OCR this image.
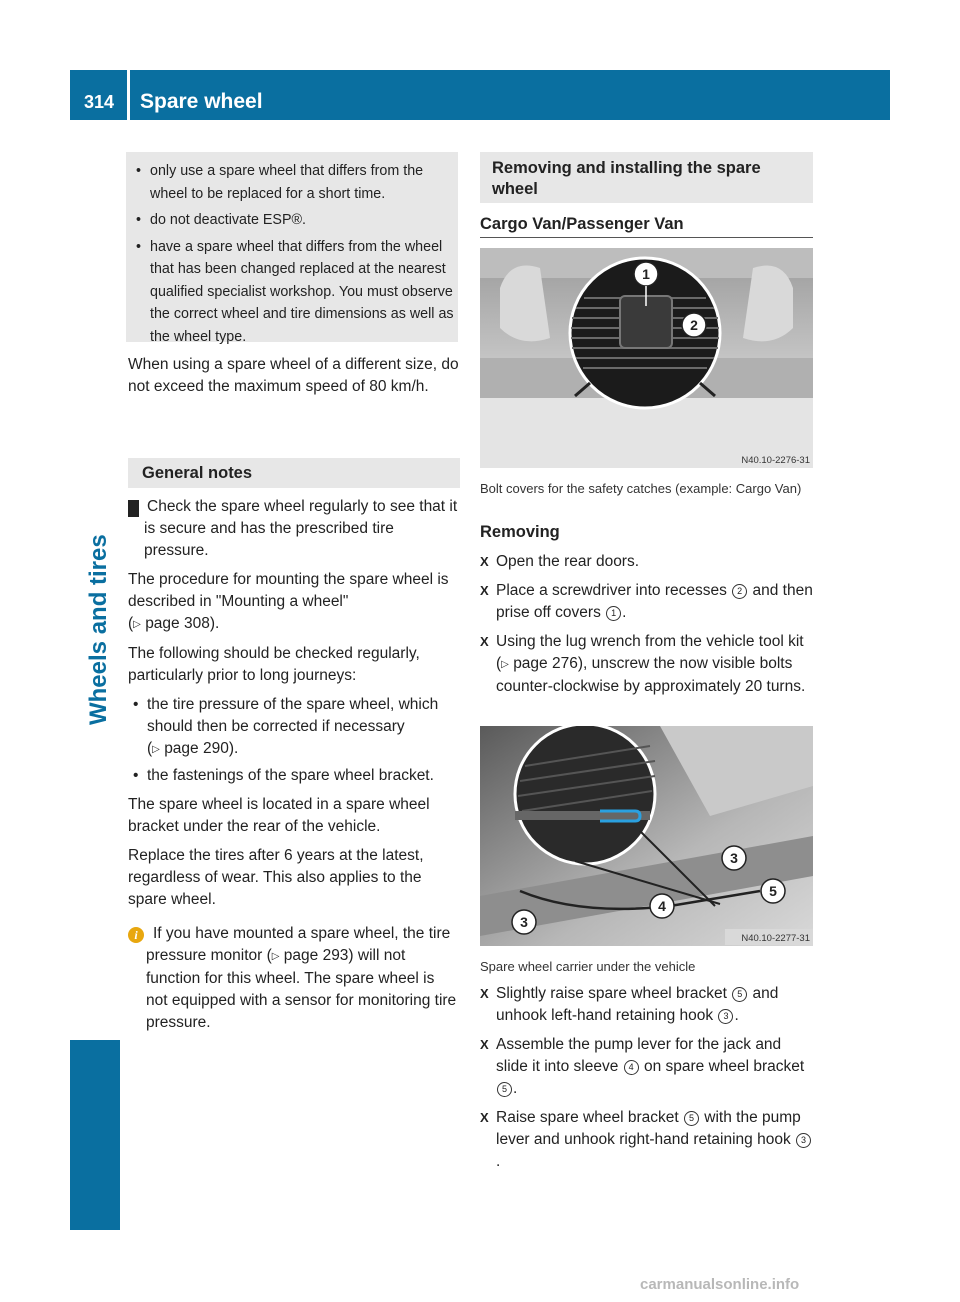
314 Spare wheel
Wheels and tires
• only use a spare wheel that differs from the wheel to be replaced for a short time.
• do not deactivate ESP®.
• have a spare wheel that differs from the wheel that has been changed replaced at the nearest qualified specialist workshop. You must observe the correct wheel and tire dimensions as well as the wheel type.
When using a spare wheel of a different size, do not exceed the maximum speed of 80 km/h.
General notes

! Check the spare wheel regularly to see that it is secure and has the prescribed tire pressure.

The procedure for mounting the spare wheel is described in "Mounting a wheel"
(▷ page 308).

The following should be checked regularly, particularly prior to long journeys:

• the tire pressure of the spare wheel, which should then be corrected if necessary
(▷ page 290).
• the fastenings of the spare wheel bracket.

The spare wheel is located in a spare wheel bracket under the rear of the vehicle.

Replace the tires after 6 years at the latest, regardless of wear. This also applies to the spare wheel.

i If you have mounted a spare wheel, the tire pressure monitor (▷ page 293) will not function for this wheel. The spare wheel is not equipped with a sensor for monitoring tire pressure.

Removing and installing the spare wheel
Cargo Van/Passenger Van
1
2
N40.10-2276-31
Bolt covers for the safety catches (example: Cargo Van)
Removing
X Open the rear doors.
X Place a screwdriver into recesses 2 and then prise off covers 1 .
X Using the lug wrench from the vehicle tool kit (▷ page 276), unscrew the now visible bolts counter-clockwise by approximately 20 turns.
3
5
4
3
N40.10-2277-31
Spare wheel carrier under the vehicle
X Slightly raise spare wheel bracket 5 and unhook left-hand retaining hook 3 .
X Assemble the pump lever for the jack and slide it into sleeve 4 on spare wheel bracket 5 .
X Raise spare wheel bracket 5 with the pump lever and unhook right-hand retaining hook 3.
carmanualsonline.info
